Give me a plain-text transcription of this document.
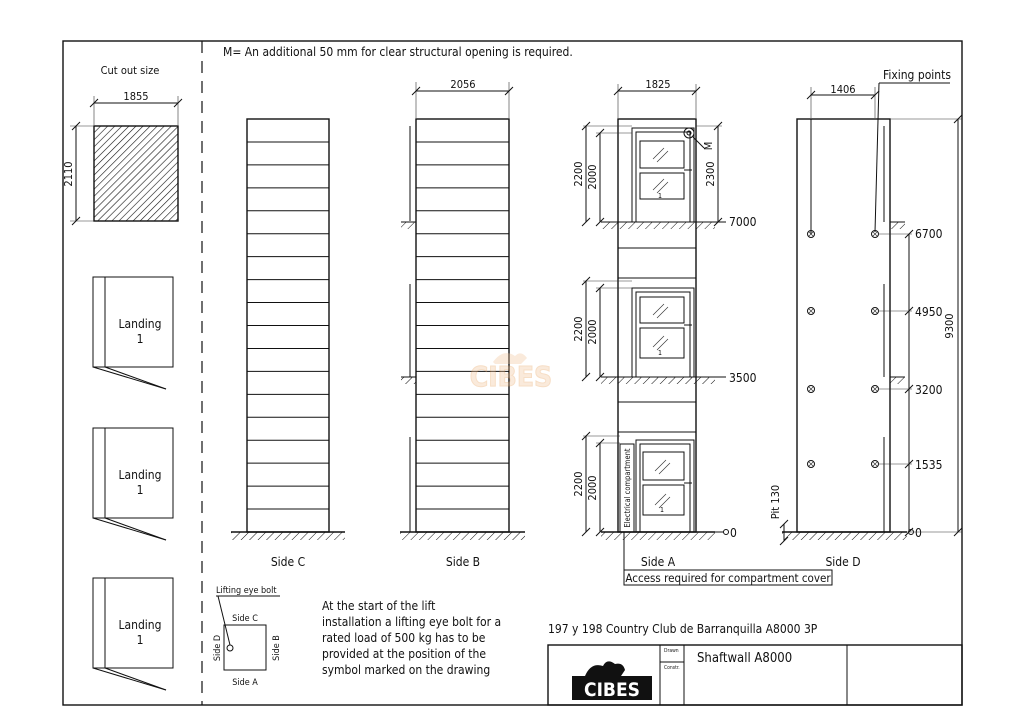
M= An additional 50 mm for clear structural opening is required.
Cut out size
1855
2110
Landing
1
Landing
1
Landing
1
Side C
2056
Side B
CIBES
1825
1
M
1
Electrical compartment	1
2200 2000
2200 2000
2200 2000
2300
7000
3500
0
Side A
Access required for compartment cover
Fixing points
1406
6700
4950
3200
1535
0
9300
Pit 130
Side D
Lifting eye bolt
Side C
Side D	Side B
Side A
At the start of the lift
installation a lifting eye bolt for a
rated load of 500 kg has to be
provided at the position of the
symbol marked on the drawing
197 y 198 Country Club de Barranquilla A8000 3P
Drawn
Constr.
Shaftwall A8000
CIBES
